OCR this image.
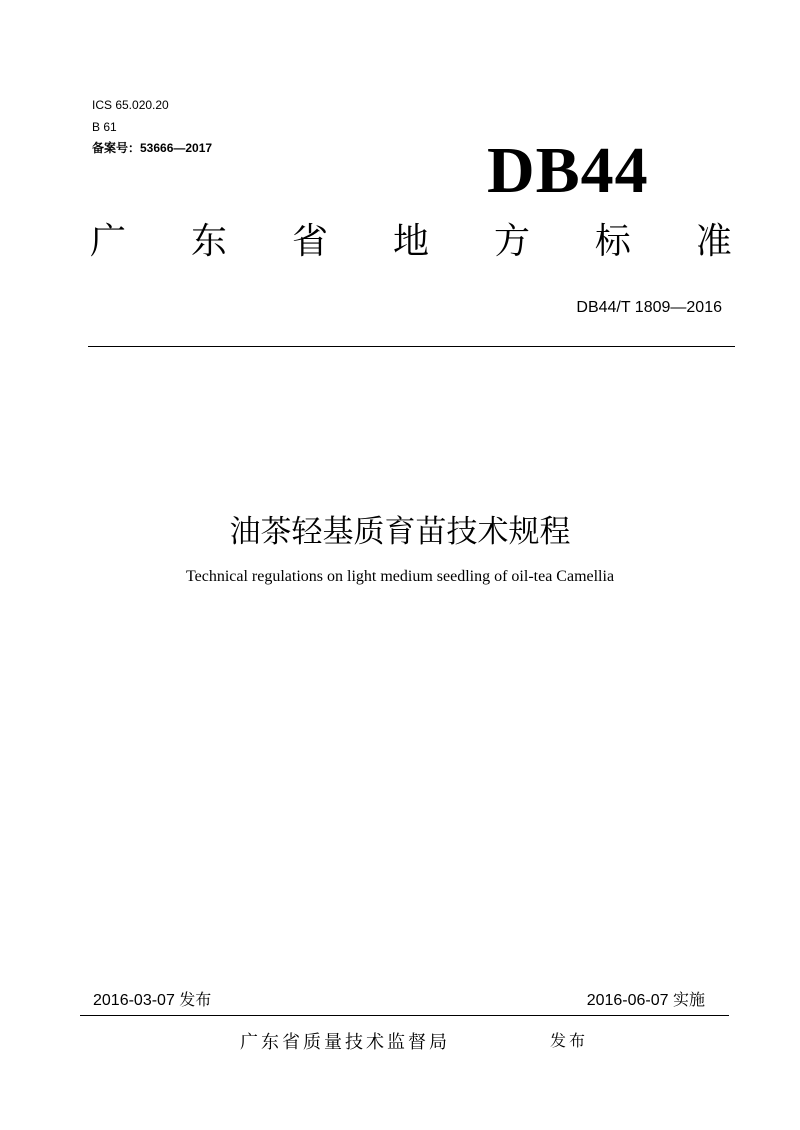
ICS 65.020.20
B 61
备案号：53666—2017	DB44
广 东 省 地 方 标 准
DB44/T 1809—2016
油茶轻基质育苗技术规程
Technical regulations on light medium seedling of oil-tea Camellia
2016-03-07 发布	2016-06-07 实施
广东省质量技术监督局	发布
